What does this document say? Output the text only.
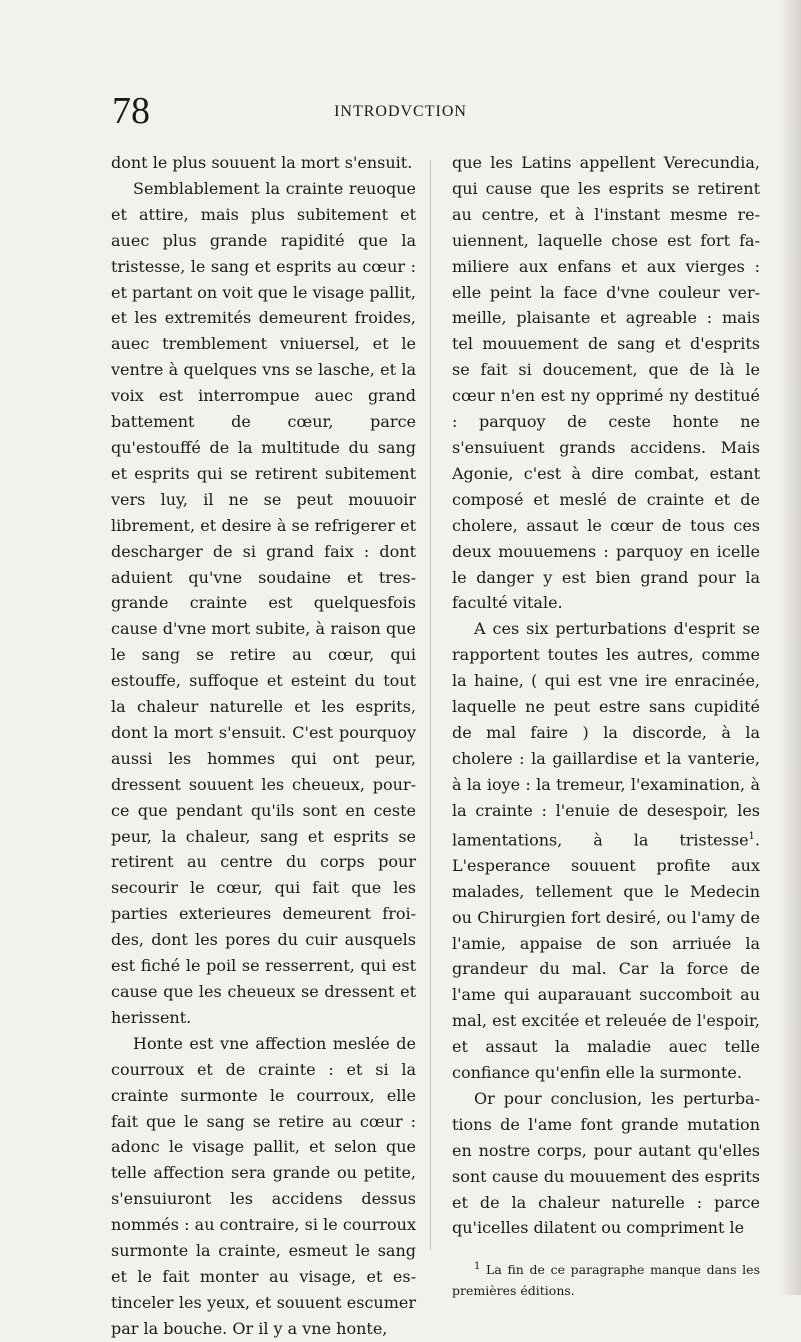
78	INTRODVCTION

dont le plus souuent la mort s'ensuit.

Semblablement la crainte reuoque et attire, mais plus subitement et auec plus grande rapidité que la tristesse, le sang et esprits au cœur : et partant on voit que le visage pallit, et les extremités demeurent froides, auec tremblement vniuersel, et le ventre à quelques vns se lasche, et la voix est interrompue auec grand battement de cœur, parce qu'estouffé de la multitude du sang et esprits qui se retirent subitement vers luy, il ne se peut mouuoir librement, et desire à se refrigerer et descharger de si grand faix : dont aduient qu'vne soudaine et tres-grande crainte est quelquesfois cause d'vne mort subite, à raison que le sang se retire au cœur, qui estouffe, suffoque et esteint du tout la chaleur naturelle et les esprits, dont la mort s'ensuit. C'est pourquoy aussi les hommes qui ont peur, dressent souuent les cheueux, pource que pendant qu'ils sont en ceste peur, la chaleur, sang et esprits se retirent au centre du corps pour secourir le cœur, qui fait que les parties exterieures demeurent froides, dont les pores du cuir ausquels est fiché le poil se resserrent, qui est cause que les cheueux se dressent et herissent.

Honte est vne affection meslée de courroux et de crainte : et si la crainte surmonte le courroux, elle fait que le sang se retire au cœur : adonc le visage pallit, et selon que telle affection sera grande ou petite, s'ensuiuront les accidens dessus nommés : au contraire, si le courroux surmonte la crainte, esmeut le sang et le fait monter au visage, et estinceler les yeux, et souuent escumer par la bouche. Or il y a vne honte,

que les Latins appellent Verecundia, qui cause que les esprits se retirent au centre, et à l'instant mesme reuiennent, laquelle chose est fort familiere aux enfans et aux vierges : elle peint la face d'vne couleur vermeille, plaisante et agreable : mais tel mouuement de sang et d'esprits se fait si doucement, que de là le cœur n'en est ny opprimé ny destitué : parquoy de ceste honte ne s'ensuiuent grands accidens. Mais Agonie, c'est à dire combat, estant composé et meslé de crainte et de cholere, assaut le cœur de tous ces deux mouuemens : parquoy en icelle le danger y est bien grand pour la faculté vitale.

A ces six perturbations d'esprit se rapportent toutes les autres, comme la haine, ( qui est vne ire enracinée, laquelle ne peut estre sans cupidité de mal faire ) la discorde, à la cholere : la gaillardise et la vanterie, à la ioye : la tremeur, l'examination, à la crainte : l'enuie de desespoir, les lamentations, à la tristesse$^1$. L'esperance souuent profite aux malades, tellement que le Medecin ou Chirurgien fort desiré, ou l'amy de l'amie, appaise de son arriuée la grandeur du mal. Car la force de l'ame qui auparauant succomboit au mal, est excitée et releuée de l'espoir, et assaut la maladie auec telle confiance qu'enfin elle la surmonte.

Or pour conclusion, les perturbations de l'ame font grande mutation en nostre corps, pour autant qu'elles sont cause du mouuement des esprits et de la chaleur naturelle : parce qu'icelles dilatent ou compriment le

$^1$ La fin de ce paragraphe manque dans les premières éditions.
